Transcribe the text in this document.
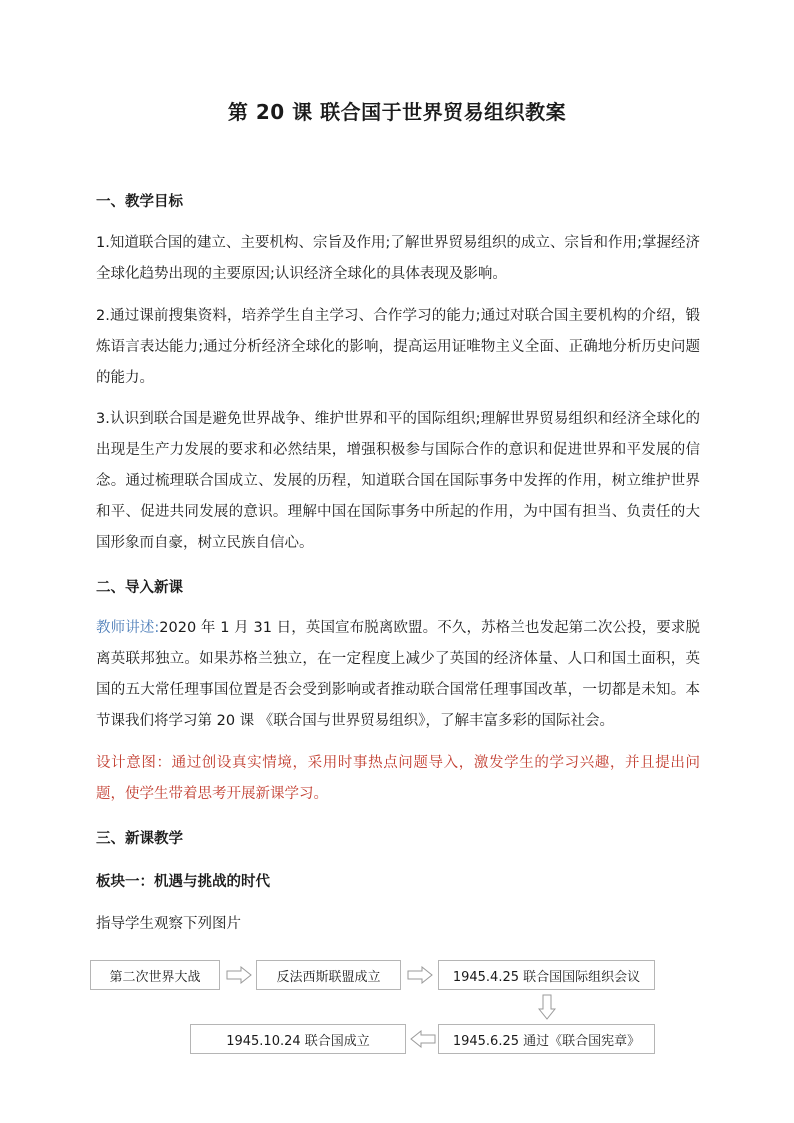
第 20 课 联合国于世界贸易组织教案
一、教学目标
1.知道联合国的建立、主要机构、宗旨及作用;了解世界贸易组织的成立、宗旨和作用;掌握经济全球化趋势出现的主要原因;认识经济全球化的具体表现及影响。
2.通过课前搜集资料，培养学生自主学习、合作学习的能力;通过对联合国主要机构的介绍，锻炼语言表达能力;通过分析经济全球化的影响，提高运用证唯物主义全面、正确地分析历史问题的能力。
3.认识到联合国是避免世界战争、维护世界和平的国际组织;理解世界贸易组织和经济全球化的出现是生产力发展的要求和必然结果，增强积极参与国际合作的意识和促进世界和平发展的信念。通过梳理联合国成立、发展的历程，知道联合国在国际事务中发挥的作用，树立维护世界和平、促进共同发展的意识。理解中国在国际事务中所起的作用，为中国有担当、负责任的大国形象而自豪，树立民族自信心。
二、导入新课
教师讲述:2020 年 1 月 31 日，英国宣布脱离欧盟。不久，苏格兰也发起第二次公投，要求脱离英联邦独立。如果苏格兰独立，在一定程度上减少了英国的经济体量、人口和国土面积，英国的五大常任理事国位置是否会受到影响或者推动联合国常任理事国改革，一切都是未知。本节课我们将学习第 20 课 《联合国与世界贸易组织》，了解丰富多彩的国际社会。
设计意图：通过创设真实情境，采用时事热点问题导入，激发学生的学习兴趣，并且提出问题，使学生带着思考开展新课学习。
三、新课教学
板块一：机遇与挑战的时代
指导学生观察下列图片
第二次世界大战	反法西斯联盟成立	1945.4.25 联合国国际组织会议
1945.6.25 通过《联合国宪章》
1945.10.24 联合国成立
